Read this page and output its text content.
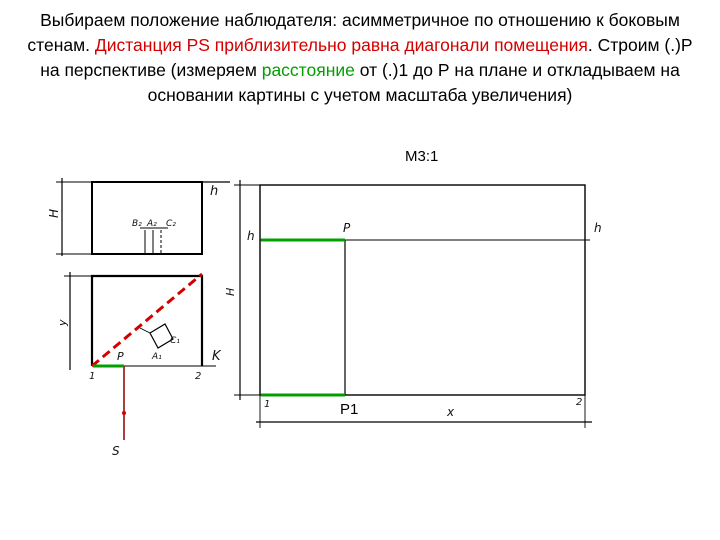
Выбираем положение наблюдателя: асимметричное по отношению к боковым стенам. Дистанция PS приблизительно равна диагонали помещения. Строим (.)Р на перспективе (измеряем расстояние от (.)1 до Р на плане и откладываем на основании картины с учетом масштаба увеличения)
М3:1
H
h
B₂ A₂ C₂
y
C₁
A₁	K
P
1	2
S
H
h
h
P
P1
1	2
x
